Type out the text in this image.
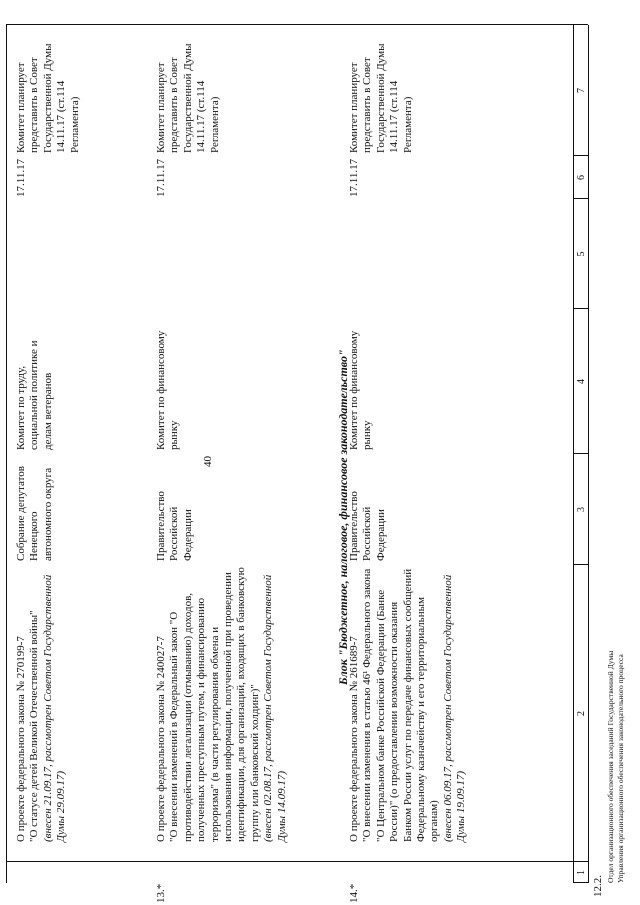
40
1
2
3
4
5
6
7
12.2.

О проекте федерального закона № 270199-7 "О статусе детей Великой Отечественной войны" (внесен 21.09.17, рассмотрен Советом Государственной Думы 29.09.17)

Собрание депутатов Ненецкого автономного округа
Комитет по труду, социальной политике и делам ветеранов
17.11.17
Комитет планирует представить в Совет Государственной Думы 14.11.17 (ст.114 Регламента)
Блок "Бюджетное, налоговое, финансовое законодательство"
13.*

О проекте федерального закона № 240027-7 "О внесении изменений в Федеральный закон "О противодействии легализации (отмыванию) доходов, полученных преступным путем, и финансированию терроризма" (в части регулирования обмена и использования информации, полученной при проведении идентификации, для организаций, входящих в банковскую группу или банковский холдинг)" (внесен 02.08.17, рассмотрен Советом Государственной Думы 14.09.17)

Правительство Российской Федерации
Комитет по финансовому рынку
17.11.17
Комитет планирует представить в Совет Государственной Думы 14.11.17 (ст.114 Регламента)
14.*

О проекте федерального закона № 261689-7 "О внесении изменения в статью 46¹ Федерального закона "О Центральном банке Российской Федерации (Банке России)" (о предоставлении возможности оказания Банком России услуг по передаче финансовых сообщений Федеральному казначейству и его территориальным органам) (внесен 06.09.17, рассмотрен Советом Государственной Думы 19.09.17)

Правительство Российской Федерации
Комитет по финансовому рынку
17.11.17
Комитет планирует представить в Совет Государственной Думы 14.11.17 (ст.114 Регламента)

Отдел организационного обеспечения заседаний Государственной Думы Управления организационного обеспечения законодательного процесса
